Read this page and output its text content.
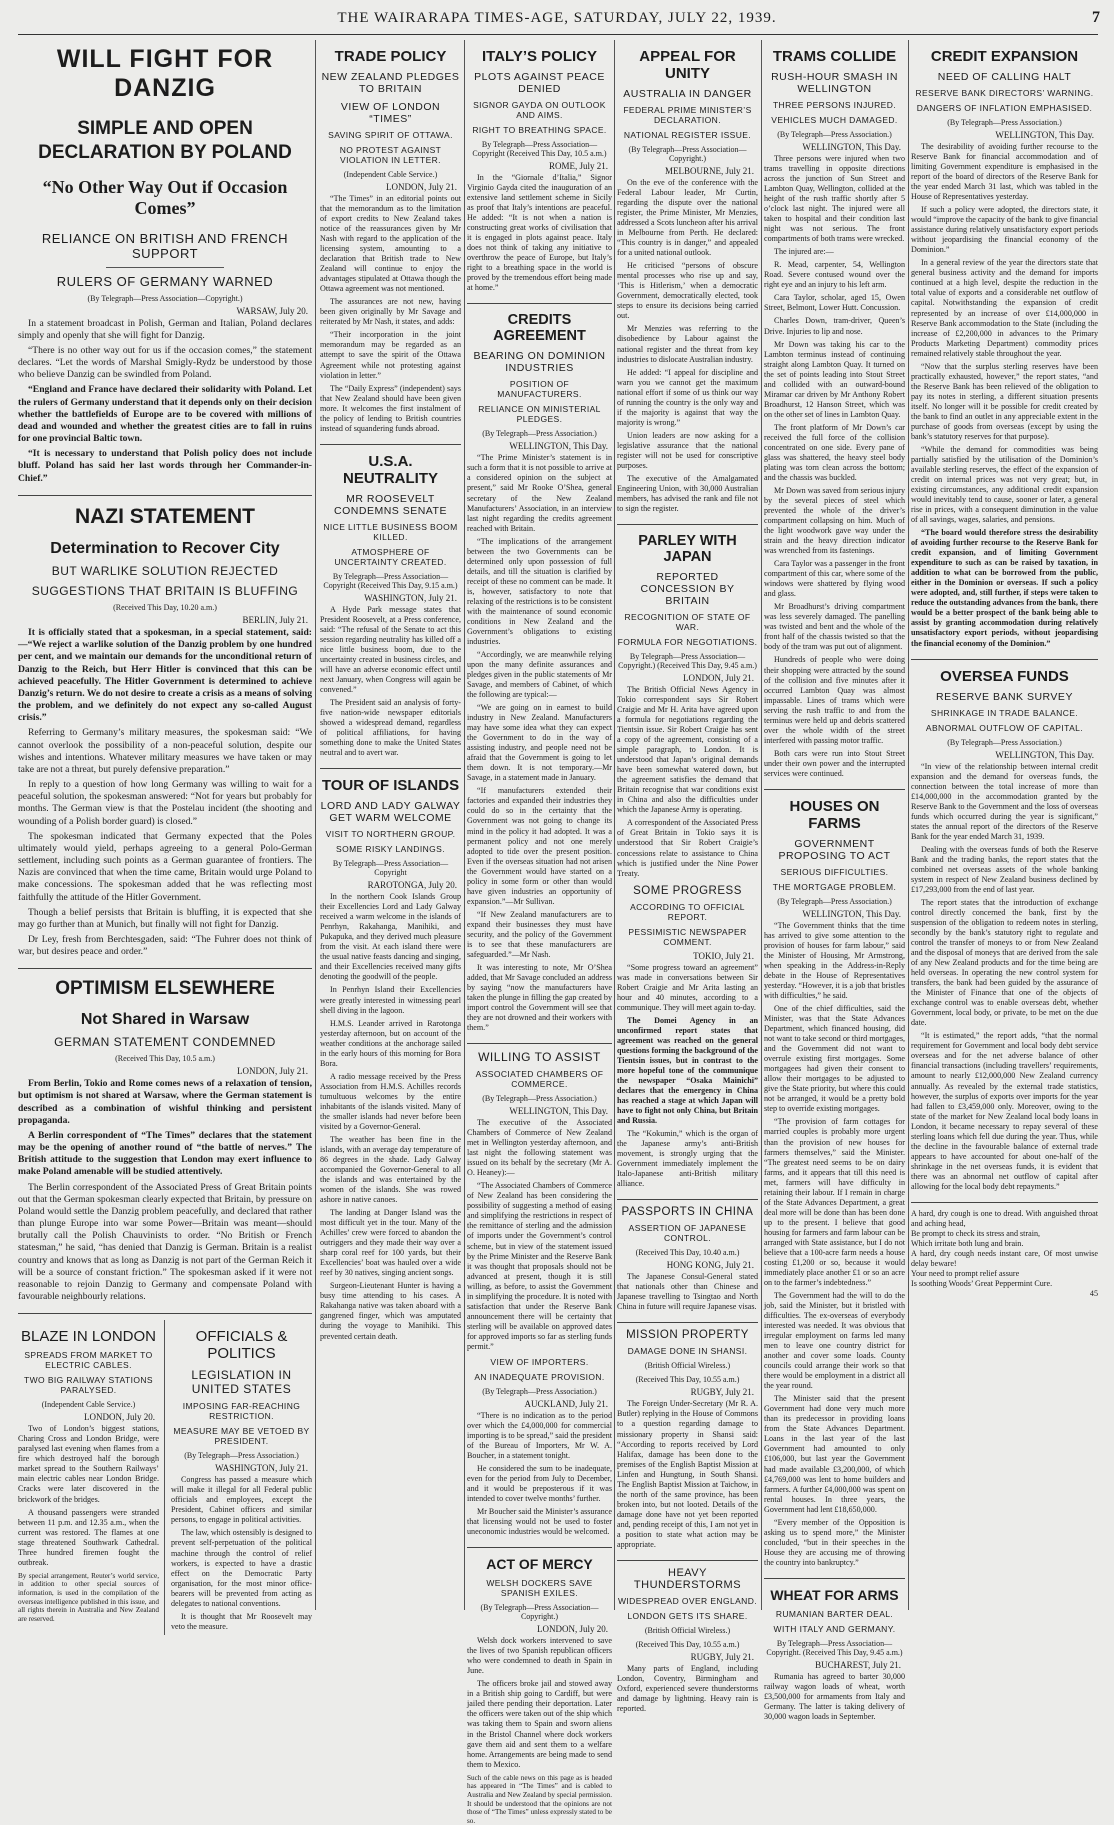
THE WAIRARAPA TIMES-AGE, SATURDAY, JULY 22, 1939.	7
WILL FIGHT FOR DANZIG
SIMPLE AND OPEN DECLARATION BY POLAND
“No Other Way Out if Occasion Comes”
RELIANCE ON BRITISH AND FRENCH SUPPORT
RULERS OF GERMANY WARNED
(By Telegraph—Press Association—Copyright.)
WARSAW, July 20.

In a statement broadcast in Polish, German and Italian, Poland declares simply and openly that she will fight for Danzig.

“There is no other way out for us if the occasion comes,” the statement declares. “Let the words of Marshal Smigly-Rydz be understood by those who believe Danzig can be swindled from Poland.

“England and France have declared their solidarity with Poland. Let the rulers of Germany understand that it depends only on their decision whether the battlefields of Europe are to be covered with millions of dead and wounded and whether the greatest cities are to fall in ruins for one provincial Baltic town.

“It is necessary to understand that Polish policy does not include bluff. Poland has said her last words through her Commander-in-Chief.”

NAZI STATEMENT
Determination to Recover City
BUT WARLIKE SOLUTION REJECTED
SUGGESTIONS THAT BRITAIN IS BLUFFING
(Received This Day, 10.20 a.m.)
BERLIN, July 21.

It is officially stated that a spokesman, in a special statement, said:—“We reject a warlike solution of the Danzig problem by one hundred per cent, and we maintain our demands for the unconditional return of Danzig to the Reich, but Herr Hitler is convinced that this can be achieved peacefully. The Hitler Government is determined to achieve Danzig’s return. We do not desire to create a crisis as a means of solving the problem, and we definitely do not expect any so-called August crisis.”

Referring to Germany’s military measures, the spokesman said: “We cannot overlook the possibility of a non-peaceful solution, despite our wishes and intentions. Whatever military measures we have taken or may take are not a threat, but purely defensive preparation.”

In reply to a question of how long Germany was willing to wait for a peaceful solution, the spokesman answered: “Not for years but probably for months. The German view is that the Postelau incident (the shooting and wounding of a Polish border guard) is closed.”

The spokesman indicated that Germany expected that the Poles ultimately would yield, perhaps agreeing to a general Polo-German settlement, including such points as a German guarantee of frontiers. The Nazis are convinced that when the time came, Britain would urge Poland to make concessions. The spokesman added that he was reflecting most faithfully the attitude of the Hitler Government.

Though a belief persists that Britain is bluffing, it is expected that she may go further than at Munich, but finally will not fight for Danzig.

Dr Ley, fresh from Berchtesgaden, said: “The Fuhrer does not think of war, but desires peace and order.”

OPTIMISM ELSEWHERE
Not Shared in Warsaw
GERMAN STATEMENT CONDEMNED
(Received This Day, 10.5 a.m.)
LONDON, July 21.

From Berlin, Tokio and Rome comes news of a relaxation of tension, but optimism is not shared at Warsaw, where the German statement is described as a combination of wishful thinking and persistent propaganda.

A Berlin correspondent of “The Times” declares that the statement may be the opening of another round of “the battle of nerves.” The British attitude to the suggestion that London may exert influence to make Poland amenable will be studied attentively.

The Berlin correspondent of the Associated Press of Great Britain points out that the German spokesman clearly expected that Britain, by pressure on Poland would settle the Danzig problem peacefully, and declared that rather than plunge Europe into war some Power—Britain was meant—should brutally call the Polish Chauvinists to order. “No British or French statesman,” he said, “has denied that Danzig is German. Britain is a realist country and knows that as long as Danzig is not part of the German Reich it will be a source of constant friction.” The spokesman asked if it were not reasonable to rejoin Danzig to Germany and compensate Poland with favourable neighbourly relations.

BLAZE IN LONDON
SPREADS FROM MARKET TO ELECTRIC CABLES.
TWO BIG RAILWAY STATIONS PARALYSED.
(Independent Cable Service.)
LONDON, July 20.

Two of London’s biggest stations, Charing Cross and London Bridge, were paralysed last evening when flames from a fire which destroyed half the borough market spread to the Southern Railways’ main electric cables near London Bridge. Cracks were later discovered in the brickwork of the bridges.

A thousand passengers were stranded between 11 p.m. and 12.35 a.m., when the current was restored. The flames at one stage threatened Southwark Cathedral. Three hundred firemen fought the outbreak.

By special arrangement, Reuter’s world service, in addition to other special sources of information, is used in the compilation of the overseas intelligence published in this issue, and all rights therein in Australia and New Zealand are reserved.
OFFICIALS & POLITICS
LEGISLATION IN UNITED STATES
IMPOSING FAR-REACHING RESTRICTION.
MEASURE MAY BE VETOED BY PRESIDENT.
(By Telegraph—Press Association.)
WASHINGTON, July 21.

Congress has passed a measure which will make it illegal for all Federal public officials and employees, except the President, Cabinet officers and similar persons, to engage in political activities.

The law, which ostensibly is designed to prevent self-perpetuation of the political machine through the control of relief workers, is expected to have a drastic effect on the Democratic Party organisation, for the most minor office-bearers will be prevented from acting as delegates to national conventions.

It is thought that Mr Roosevelt may veto the measure.

TRADE POLICY
NEW ZEALAND PLEDGES TO BRITAIN
VIEW OF LONDON “TIMES”
SAVING SPIRIT OF OTTAWA.
NO PROTEST AGAINST VIOLATION IN LETTER.
(Independent Cable Service.)
LONDON, July 21.

“The Times” in an editorial points out that the memorandum as to the limitation of export credits to New Zealand takes notice of the reassurances given by Mr Nash with regard to the application of the licensing system, amounting to a declaration that British trade to New Zealand will continue to enjoy the advantages stipulated at Ottawa though the Ottawa agreement was not mentioned.

The assurances are not new, having been given originally by Mr Savage and reiterated by Mr Nash, it states, and adds:

“Their incorporation in the joint memorandum may be regarded as an attempt to save the spirit of the Ottawa Agreement while not protesting against violation in letter.”

The “Daily Express” (independent) says that New Zealand should have been given more. It welcomes the first instalment of the policy of lending to British countries instead of squandering funds abroad.

U.S.A. NEUTRALITY
MR ROOSEVELT CONDEMNS SENATE
NICE LITTLE BUSINESS BOOM KILLED.
ATMOSPHERE OF UNCERTAINTY CREATED.
By Telegraph—Press Association—Copyright (Received This Day, 9.15 a.m.)
WASHINGTON, July 21.

A Hyde Park message states that President Roosevelt, at a Press conference, said: “The refusal of the Senate to act this session regarding neutrality has killed off a nice little business boom, due to the uncertainty created in business circles, and will have an adverse economic effect until next January, when Congress will again be convened.”

The President said an analysis of forty-five nation-wide newspaper editorials showed a widespread demand, regardless of political affiliations, for having something done to make the United States neutral and to avert war.

TOUR OF ISLANDS
LORD AND LADY GALWAY GET WARM WELCOME
VISIT TO NORTHERN GROUP.
SOME RISKY LANDINGS.
By Telegraph—Press Association—Copyright
RAROTONGA, July 20.

In the northern Cook Islands Group their Excellencies Lord and Lady Galway received a warm welcome in the islands of Penrhyn, Rakahanga, Manihiki, and Pukapuka, and they derived much pleasure from the visit. At each island there were the usual native feasts dancing and singing, and their Excellencies received many gifts denoting the goodwill of the people.

In Penrhyn Island their Excellencies were greatly interested in witnessing pearl shell diving in the lagoon.

H.M.S. Leander arrived in Rarotonga yesterday afternoon, but on account of the weather conditions at the anchorage sailed in the early hours of this morning for Bora Bora.

A radio message received by the Press Association from H.M.S. Achilles records tumultuous welcomes by the entire inhabitants of the islands visited. Many of the smaller islands had never before been visited by a Governor-General.

The weather has been fine in the islands, with an average day temperature of 86 degrees in the shade. Lady Galway accompanied the Governor-General to all the islands and was entertained by the women of the islands. She was rowed ashore in native canoes.

The landing at Danger Island was the most difficult yet in the tour. Many of the Achilles’ crew were forced to abandon the outriggers and they made their way over a sharp coral reef for 100 yards, but their Excellencies’ boat was hauled over a wide reef by 30 natives, singing ancient songs.

Surgeon-Lieutenant Hunter is having a busy time attending to his cases. A Rakahanga native was taken aboard with a gangrened finger, which was amputated during the voyage to Manihiki. This prevented certain death.

ITALY’S POLICY
PLOTS AGAINST PEACE DENIED
SIGNOR GAYDA ON OUTLOOK AND AIMS.
RIGHT TO BREATHING SPACE.
By Telegraph—Press Association—Copyright (Received This Day, 10.5 a.m.)
ROME, July 21.

In the “Giornale d’Italia,” Signor Virginio Gayda cited the inauguration of an extensive land settlement scheme in Sicily as proof that Italy’s intentions are peaceful. He added: “It is not when a nation is constructing great works of civilisation that it is engaged in plots against peace. Italy does not think of taking any initiative to overthrow the peace of Europe, but Italy’s right to a breathing space in the world is proved by the tremendous effort being made at home.”

CREDITS AGREEMENT
BEARING ON DOMINION INDUSTRIES
POSITION OF MANUFACTURERS.
RELIANCE ON MINISTERIAL PLEDGES.
(By Telegraph—Press Association.)
WELLINGTON, This Day.

“The Prime Minister’s statement is in such a form that it is not possible to arrive at a considered opinion on the subject at present,” said Mr Rooke O’Shea, general secretary of the New Zealand Manufacturers’ Association, in an interview last night regarding the credits agreement reached with Britain.

“The implications of the arrangement between the two Governments can be determined only upon possession of full details, and till the situation is clarified by receipt of these no comment can be made. It is, however, satisfactory to note that relaxing of the restrictions is to be consistent with the maintenance of sound economic conditions in New Zealand and the Government’s obligations to existing industries.

“Accordingly, we are meanwhile relying upon the many definite assurances and pledges given in the public statements of Mr Savage, and members of Cabinet, of which the following are typical:—

“We are going on in earnest to build industry in New Zealand. Manufacturers may have some idea what they can expect the Government to do in the way of assisting industry, and people need not be afraid that the Government is going to let them down. It is not temporary.—Mr Savage, in a statement made in January.

“If manufacturers extended their factories and expanded their industries they could do so in the certainty that the Government was not going to change its mind in the policy it had adopted. It was a permanent policy and not one merely adopted to tide over the present position. Even if the overseas situation had not arisen the Government would have started on a policy in some form or other than would have given industries an opportunity of expansion.”—Mr Sullivan.

“If New Zealand manufacturers are to expand their businesses they must have security, and the policy of the Government is to see that these manufacturers are safeguarded.”—Mr Nash.

It was interesting to note, Mr O’Shea added, that Mr Savage concluded an address by saying “now the manufacturers have taken the plunge in filling the gap created by import control the Government will see that they are not drowned and their workers with them.”

WILLING TO ASSIST
ASSOCIATED CHAMBERS OF COMMERCE.
(By Telegraph—Press Association.)
WELLINGTON, This Day.

The executive of the Associated Chambers of Commerce of New Zealand met in Wellington yesterday afternoon, and last night the following statement was issued on its behalf by the secretary (Mr A. O. Heaney):—

“The Associated Chambers of Commerce of New Zealand has been considering the possibility of suggesting a method of easing and simplifying the restrictions in respect of the remittance of sterling and the admission of imports under the Government’s control scheme, but in view of the statement issued by the Prime Minister and the Reserve Bank it was thought that proposals should not be advanced at present, though it is still willing, as before, to assist the Government in simplifying the procedure. It is noted with satisfaction that under the Reserve Bank announcement there will be certainty that sterling will be available on approved dates for approved imports so far as sterling funds permit.”

VIEW OF IMPORTERS.
AN INADEQUATE PROVISION.
(By Telegraph—Press Association.)
AUCKLAND, July 21.

“There is no indication as to the period over which the £4,000,000 for commercial importing is to be spread,” said the president of the Bureau of Importers, Mr W. A. Boucher, in a statement tonight.

He considered the sum to be inadequate, even for the period from July to December, and it would be preposterous if it was intended to cover twelve months’ further.

Mr Boucher said the Minister’s assurance that licensing would not be used to foster uneconomic industries would be welcomed.

ACT OF MERCY
WELSH DOCKERS SAVE SPANISH EXILES.
(By Telegraph—Press Association—Copyright.)
LONDON, July 20.

Welsh dock workers intervened to save the lives of two Spanish republican officers who were condemned to death in Spain in June.

The officers broke jail and stowed away in a British ship going to Cardiff, but were jailed there pending their deportation. Later the officers were taken out of the ship which was taking them to Spain and sworn aliens in the Bristol Channel where dock workers gave them aid and sent them to a welfare home. Arrangements are being made to send them to Mexico.

Such of the cable news on this page as is headed has appeared in “The Times” and is cabled to Australia and New Zealand by special permission. It should be understood that the opinions are not those of “The Times” unless expressly stated to be so.
APPEAL FOR UNITY
AUSTRALIA IN DANGER
FEDERAL PRIME MINISTER’S DECLARATION.
NATIONAL REGISTER ISSUE.
(By Telegraph—Press Association—Copyright.)
MELBOURNE, July 21.

On the eve of the conference with the Federal Labour leader, Mr Curtin, regarding the dispute over the national register, the Prime Minister, Mr Menzies, addressed a Scots luncheon after his arrival in Melbourne from Perth. He declared: “This country is in danger,” and appealed for a united national outlook.

He criticised “persons of obscure mental processes who rise up and say, ‘This is Hitlerism,’ when a democratic Government, democratically elected, took steps to ensure its decisions being carried out.

Mr Menzies was referring to the disobedience by Labour against the national register and the threat from key industries to dislocate Australian industry.

He added: “I appeal for discipline and warn you we cannot get the maximum national effort if some of us think our way of running the country is the only way and if the majority is against that way the majority is wrong.”

Union leaders are now asking for a legislative assurance that the national register will not be used for conscriptive purposes.

The executive of the Amalgamated Engineering Union, with 30,000 Australian members, has advised the rank and file not to sign the register.

PARLEY WITH JAPAN
REPORTED CONCESSION BY BRITAIN
RECOGNITION OF STATE OF WAR.
FORMULA FOR NEGOTIATIONS.
By Telegraph—Press Association—Copyright.) (Received This Day, 9.45 a.m.)
LONDON, July 21.

The British Official News Agency in Tokio correspondent says Sir Robert Craigie and Mr H. Arita have agreed upon a formula for negotiations regarding the Tientsin issue. Sir Robert Craigie has sent a copy of the agreement, consisting of a simple paragraph, to London. It is understood that Japan’s original demands have been somewhat watered down, but the agreement satisfies the demand that Britain recognise that war conditions exist in China and also the difficulties under which the Japanese Army is operating.

A correspondent of the Associated Press of Great Britain in Tokio says it is understood that Sir Robert Craigie’s concessions relate to assistance to China which is justified under the Nine Power Treaty.

SOME PROGRESS
ACCORDING TO OFFICIAL REPORT.
PESSIMISTIC NEWSPAPER COMMENT.
TOKIO, July 21.

“Some progress toward an agreement” was made in conversations between Sir Robert Craigie and Mr Arita lasting an hour and 40 minutes, according to a communique. They will meet again to-day.

The Domei Agency in an unconfirmed report states that agreement was reached on the general questions forming the background of the Tientsin issues, but in contrast to the more hopeful tone of the communique the newspaper “Osaka Mainichi” declares that the emergency in China has reached a stage at which Japan will have to fight not only China, but Britain and Russia.

The “Kokumin,” which is the organ of the Japanese army’s anti-British movement, is strongly urging that the Government immediately implement the Italo-Japanese anti-British military alliance.

PASSPORTS IN CHINA
ASSERTION OF JAPANESE CONTROL.
(Received This Day, 10.40 a.m.)
HONG KONG, July 21.

The Japanese Consul-General stated that nationals other than Chinese and Japanese travelling to Tsingtao and North China in future will require Japanese visas.

MISSION PROPERTY
DAMAGE DONE IN SHANSI.
(British Official Wireless.)
(Received This Day, 10.55 a.m.)
RUGBY, July 21.

The Foreign Under-Secretary (Mr R. A. Butler) replying in the House of Commons to a question regarding damage to missionary property in Shansi said: “According to reports received by Lord Halifax, damage has been done to the premises of the English Baptist Mission at Linfen and Hungtung, in South Shansi. The English Baptist Mission at Taichow, in the north of the same province, has been broken into, but not looted. Details of the damage done have not yet been reported and, pending receipt of this, I am not yet in a position to state what action may be appropriate.

HEAVY THUNDERSTORMS
WIDESPREAD OVER ENGLAND.
LONDON GETS ITS SHARE.
(British Official Wireless.)
(Received This Day, 10.55 a.m.)
RUGBY, July 21.

Many parts of England, including London, Coventry, Birmingham and Oxford, experienced severe thunderstorms and damage by lightning. Heavy rain is reported.

TRAMS COLLIDE
RUSH-HOUR SMASH IN WELLINGTON
THREE PERSONS INJURED.
VEHICLES MUCH DAMAGED.
(By Telegraph—Press Association.)
WELLINGTON, This Day.

Three persons were injured when two trams travelling in opposite directions across the junction of Sun Street and Lambton Quay, Wellington, collided at the height of the rush traffic shortly after 5 o’clock last night. The injured were all taken to hospital and their condition last night was not serious. The front compartments of both trams were wrecked.

The injured are:—

R. Mead, carpenter, 54, Wellington Road. Severe contused wound over the right eye and an injury to his left arm.

Cara Taylor, scholar, aged 15, Owen Street, Belmont, Lower Hutt. Concussion.

Charles Down, tram-driver, Queen’s Drive. Injuries to lip and nose.

Mr Down was taking his car to the Lambton terminus instead of continuing straight along Lambton Quay. It turned on the set of points leading into Stout Street and collided with an outward-bound Miramar car driven by Mr Anthony Robert Broadhurst, 12 Hanson Street, which was on the other set of lines in Lambton Quay.

The front platform of Mr Down’s car received the full force of the collision concentrated on one side. Every pane of glass was shattered, the heavy steel body plating was torn clean across the bottom; and the chassis was buckled.

Mr Down was saved from serious injury by the several pieces of steel which prevented the whole of the driver’s compartment collapsing on him. Much of the light woodwork gave way under the strain and the heavy direction indicator was wrenched from its fastenings.

Cara Taylor was a passenger in the front compartment of this car, where some of the windows were shattered by flying wood and glass.

Mr Broadhurst’s driving compartment was less severely damaged. The panelling was twisted and bent and the whole of the front half of the chassis twisted so that the body of the tram was put out of alignment.

Hundreds of people who were doing their shopping were attracted by the sound of the collision and five minutes after it occurred Lambton Quay was almost impassable. Lines of trams which were serving the rush traffic to and from the terminus were held up and debris scattered over the whole width of the street interfered with passing motor traffic.

Both cars were run into Stout Street under their own power and the interrupted services were continued.

HOUSES ON FARMS
GOVERNMENT PROPOSING TO ACT
SERIOUS DIFFICULTIES.
THE MORTGAGE PROBLEM.
(By Telegraph—Press Association.)
WELLINGTON, This Day.

“The Government thinks that the time has arrived to give some attention to the provision of houses for farm labour,” said the Minister of Housing, Mr Armstrong, when speaking in the Address-in-Reply debate in the House of Representatives yesterday. “However, it is a job that bristles with difficulties,” he said.

One of the chief difficulties, said the Minister, was that the State Advances Department, which financed housing, did not want to take second or third mortgages, and the Government did not want to overrule existing first mortgages. Some mortgagees had given their consent to allow their mortgages to be adjusted to give the State priority, but where this could not be arranged, it would be a pretty bold step to override existing mortgages.

“The provision of farm cottages for married couples is probably more urgent than the provision of new houses for farmers themselves,” said the Minister. “The greatest need seems to be on dairy farms, and it appears that till this need is met, farmers will have difficulty in retaining their labour. If I remain in charge of the State Advances Department, a great deal more will be done than has been done up to the present. I believe that good housing for farmers and farm labour can be arranged with State assistance, but I do not believe that a 100-acre farm needs a house costing £1,200 or so, because it would immediately place another £1 or so an acre on to the farmer’s indebtedness.”

The Government had the will to do the job, said the Minister, but it bristled with difficulties. The ex-overseas of everybody interested was needed. It was obvious that irregular employment on farms led many men to leave one country district for another and cover some loads. County councils could arrange their work so that there would be employment in a district all the year round.

The Minister said that the present Government had done very much more than its predecessor in providing loans from the State Advances Department. Loans in the last year of the last Government had amounted to only £106,000, but last year the Government had made available £3,200,000, of which £4,769,000 was lent to home builders and farmers. A further £4,000,000 was spent on rental houses. In three years, the Government had lent £18,650,000.

“Every member of the Opposition is asking us to spend more,” the Minister concluded, “but in their speeches in the House they are accusing me of throwing the country into bankruptcy.”

WHEAT FOR ARMS
RUMANIAN BARTER DEAL.
WITH ITALY AND GERMANY.
By Telegraph—Press Association—Copyright. (Received This Day, 9.45 a.m.)
BUCHAREST, July 21.

Rumania has agreed to barter 30,000 railway wagon loads of wheat, worth £3,500,000 for armaments from Italy and Germany. The latter is taking delivery of 30,000 wagon loads in September.

CREDIT EXPANSION
NEED OF CALLING HALT
RESERVE BANK DIRECTORS’ WARNING.
DANGERS OF INFLATION EMPHASISED.
(By Telegraph—Press Association.)
WELLINGTON, This Day.

The desirability of avoiding further recourse to the Reserve Bank for financial accommodation and of limiting Government expenditure is emphasised in the report of the board of directors of the Reserve Bank for the year ended March 31 last, which was tabled in the House of Representatives yesterday.

If such a policy were adopted, the directors state, it would “improve the capacity of the bank to give financial assistance during relatively unsatisfactory export periods without jeopardising the financial economy of the Dominion.”

In a general review of the year the directors state that general business activity and the demand for imports continued at a high level, despite the reduction in the total value of exports and a considerable net outflow of capital. Notwithstanding the expansion of credit represented by an increase of over £14,000,000 in Reserve Bank accommodation to the State (including the increase of £2,200,000 in advances to the Primary Products Marketing Department) commodity prices remained relatively stable throughout the year.

“Now that the surplus sterling reserves have been practically exhausted, however,” the report states, “and the Reserve Bank has been relieved of the obligation to pay its notes in sterling, a different situation presents itself. No longer will it be possible for credit created by the bank to find an outlet in any appreciable extent in the purchase of goods from overseas (except by using the bank’s statutory reserves for that purpose).

“While the demand for commodities was being partially satisfied by the utilisation of the Dominion’s available sterling reserves, the effect of the expansion of credit on internal prices was not very great; but, in existing circumstances, any additional credit expansion would inevitably tend to cause, sooner or later, a general rise in prices, with a consequent diminution in the value of all savings, wages, salaries, and pensions.

“The board would therefore stress the desirability of avoiding further recourse to the Reserve Bank for credit expansion, and of limiting Government expenditure to such as can be raised by taxation, in addition to what can be borrowed from the public, either in the Dominion or overseas. If such a policy were adopted, and, still further, if steps were taken to reduce the outstanding advances from the bank, there would be a better prospect of the bank being able to assist by granting accommodation during relatively unsatisfactory export periods, without jeopardising the financial economy of the Dominion.”

OVERSEA FUNDS
RESERVE BANK SURVEY
SHRINKAGE IN TRADE BALANCE.
ABNORMAL OUTFLOW OF CAPITAL.
(By Telegraph—Press Association.)
WELLINGTON, This Day.

“In view of the relationship between internal credit expansion and the demand for overseas funds, the connection between the total increase of more than £14,000,000 in the accommodation granted by the Reserve Bank to the Government and the loss of overseas funds which occurred during the year is significant,” states the annual report of the directors of the Reserve Bank for the year ended March 31, 1939.

Dealing with the overseas funds of both the Reserve Bank and the trading banks, the report states that the combined net overseas assets of the whole banking system in respect of New Zealand business declined by £17,293,000 from the end of last year.

The report states that the introduction of exchange control directly concerned the bank, first by the suspension of the obligation to redeem notes in sterling, secondly by the bank’s statutory right to regulate and control the transfer of moneys to or from New Zealand and the disposal of moneys that are derived from the sale of any New Zealand products and for the time being are held overseas. In operating the new control system for transfers, the bank had been guided by the assurance of the Minister of Finance that one of the objects of exchange control was to enable overseas debt, whether Government, local body, or private, to be met on the due date.

“It is estimated,” the report adds, “that the normal requirement for Government and local body debt service overseas and for the net adverse balance of other financial transactions (including travellers’ requirements, amount to nearly £12,000,000 New Zealand currency annually. As revealed by the external trade statistics, however, the surplus of exports over imports for the year had fallen to £3,459,000 only. Moreover, owing to the state of the market for New Zealand local body loans in London, it became necessary to repay several of these sterling loans which fell due during the year. Thus, while the decline in the favourable balance of external trade appears to have accounted for about one-half of the shrinkage in the net overseas funds, it is evident that there was an abnormal net outflow of capital after allowing for the local body debt repayments.”

A hard, dry cough is one to dread. With anguished throat and aching head,
Be prompt to check its stress and strain,
Which irritate both lung and brain.
A hard, dry cough needs instant care, Of most unwise delay beware!
Your need to prompt relief assure
Is soothing Woods’ Great Peppermint Cure.
45
